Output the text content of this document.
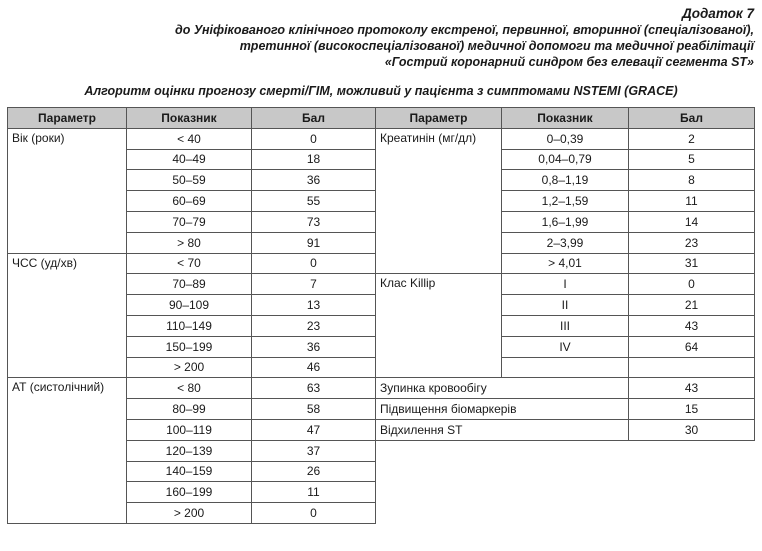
Додаток 7
до Уніфікованого клінічного протоколу екстреної, первинної, вторинної (спеціалізованої),
третинної (високоспеціалізованої) медичної допомоги та медичної реабілітації
«Гострий коронарний синдром без елевації сегмента ST»
Алгоритм оцінки прогнозу смерті/ГІМ, можливий у пацієнта з симптомами NSTEMI (GRACE)
Параметр	Показник	Бал	Параметр	Показник	Бал
Вік (роки)	< 40	0	Креатинін (мг/дл)	0–0,39	2
	40–49	18		0,04–0,79	5
	50–59	36		0,8–1,19	8
	60–69	55		1,2–1,59	11
	70–79	73		1,6–1,99	14
	> 80	91		2–3,99	23
ЧСС (уд/хв)	< 70	0		> 4,01	31
	70–89	7	Клас Killip	I	0
	90–109	13		II	21
	110–149	23		III	43
	150–199	36		IV	64
	> 200	46			
АТ (систолічний)	< 80	63	Зупинка кровообігу		43
	80–99	58	Підвищення біомаркерів		15
	100–119	47	Відхилення ST		30
	120–139	37			
	140–159	26			
	160–199	11			
	> 200	0			
